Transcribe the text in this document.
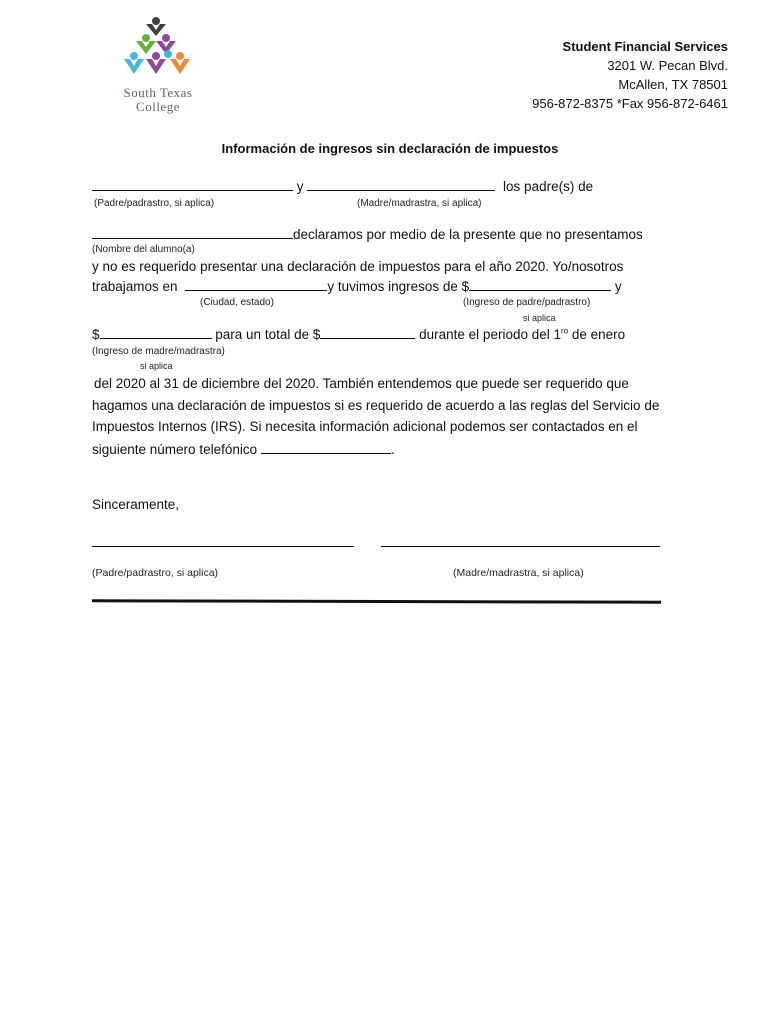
South Texas
College
Student Financial Services
3201 W. Pecan Blvd.
McAllen, TX 78501
956-872-8375 *Fax 956-872-6461
Información de ingresos sin declaración de impuestos
y	los padre(s) de
(Padre/padrastro, si aplica)	(Madre/madrastra, si aplica)
declaramos por medio de la presente que no presentamos
(Nombre del alumno(a)
y no es requerido presentar una declaración de impuestos para el año 2020. Yo/nosotros
trabajamos en	y tuvimos ingresos de $	y
(Ciudad, estado)	(Ingreso de padre/padrastro)
si aplica
$	para un total de $	durante el periodo del $1^{ro}$ de enero
(Ingreso de madre/madrastra)
si aplica
del 2020 al 31 de diciembre del 2020. También entendemos que puede ser requerido que
hagamos una declaración de impuestos si es requerido de acuerdo a las reglas del Servicio de
Impuestos Internos (IRS). Si necesita información adicional podemos ser contactados en el
siguiente número telefónico	.
Sinceramente,
(Padre/padrastro, si aplica)	(Madre/madrastra, si aplica)
